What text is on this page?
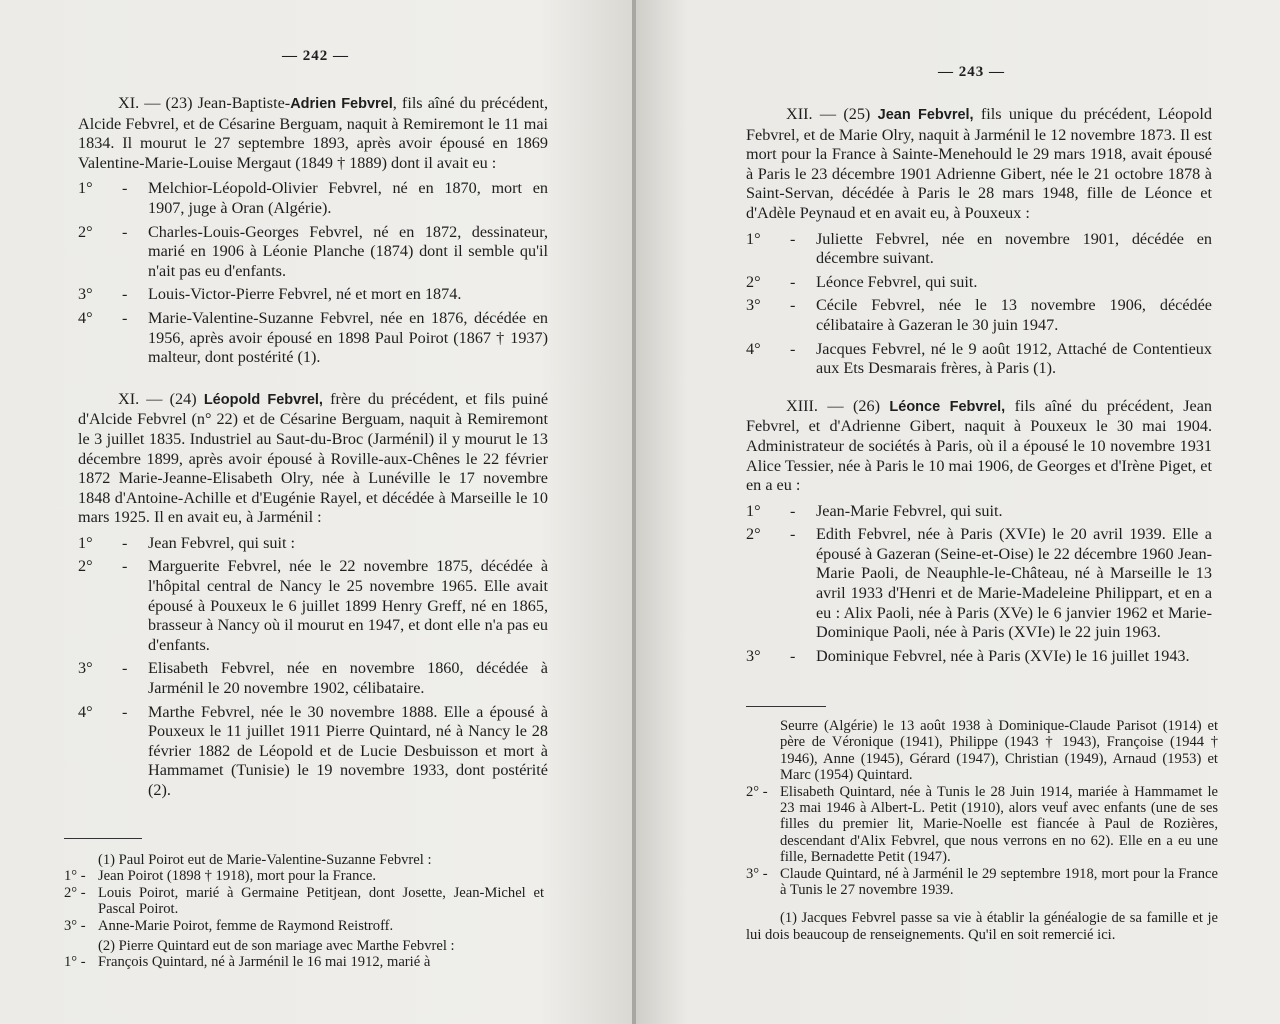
— 242 —

XI. — (23) Jean-Baptiste-Adrien Febvrel, fils aîné du précédent, Alcide Febvrel, et de Césarine Berguam, naquit à Remiremont le 11 mai 1834. Il mourut le 27 septembre 1893, après avoir épousé en 1869 Valentine-Marie-Louise Mergaut (1849 † 1889) dont il avait eu :

1°	- Melchior-Léopold-Olivier Febvrel, né en 1870, mort en 1907, juge à Oran (Algérie).
2°	- Charles-Louis-Georges Febvrel, né en 1872, dessinateur, marié en 1906 à Léonie Planche (1874) dont il semble qu'il n'ait pas eu d'enfants.
3°	- Louis-Victor-Pierre Febvrel, né et mort en 1874.
4°	- Marie-Valentine-Suzanne Febvrel, née en 1876, décédée en 1956, après avoir épousé en 1898 Paul Poirot (1867 † 1937) malteur, dont postérité (1).

XI. — (24) Léopold Febvrel, frère du précédent, et fils puiné d'Alcide Febvrel (n° 22) et de Césarine Berguam, naquit à Remiremont le 3 juillet 1835. Industriel au Saut-du-Broc (Jarménil) il y mourut le 13 décembre 1899, après avoir épousé à Roville-aux-Chênes le 22 février 1872 Marie-Jeanne-Elisabeth Olry, née à Lunéville le 17 novembre 1848 d'Antoine-Achille et d'Eugénie Rayel, et décédée à Marseille le 10 mars 1925. Il en avait eu, à Jarménil :

1°	- Jean Febvrel, qui suit :
2°	- Marguerite Febvrel, née le 22 novembre 1875, décédée à l'hôpital central de Nancy le 25 novembre 1965. Elle avait épousé à Pouxeux le 6 juillet 1899 Henry Greff, né en 1865, brasseur à Nancy où il mourut en 1947, et dont elle n'a pas eu d'enfants.
3°	- Elisabeth Febvrel, née en novembre 1860, décédée à Jarménil le 20 novembre 1902, célibataire.
4°	- Marthe Febvrel, née le 30 novembre 1888. Elle a épousé à Pouxeux le 11 juillet 1911 Pierre Quintard, né à Nancy le 28 février 1882 de Léopold et de Lucie Desbuisson et mort à Hammamet (Tunisie) le 19 novembre 1933, dont postérité (2).
(1) Paul Poirot eut de Marie-Valentine-Suzanne Febvrel :
1° - Jean Poirot (1898 † 1918), mort pour la France.
2° - Louis Poirot, marié à Germaine Petitjean, dont Josette, Jean-Michel et Pascal Poirot.
3° - Anne-Marie Poirot, femme de Raymond Reistroff.
(2) Pierre Quintard eut de son mariage avec Marthe Febvrel :
1° - François Quintard, né à Jarménil le 16 mai 1912, marié à
— 243 —

XII. — (25) Jean Febvrel, fils unique du précédent, Léopold Febvrel, et de Marie Olry, naquit à Jarménil le 12 novembre 1873. Il est mort pour la France à Sainte-Menehould le 29 mars 1918, avait épousé à Paris le 23 décembre 1901 Adrienne Gibert, née le 21 octobre 1878 à Saint-Servan, décédée à Paris le 28 mars 1948, fille de Léonce et d'Adèle Peynaud et en avait eu, à Pouxeux :

1°	- Juliette Febvrel, née en novembre 1901, décédée en décembre suivant.
2°	- Léonce Febvrel, qui suit.
3°	- Cécile Febvrel, née le 13 novembre 1906, décédée célibataire à Gazeran le 30 juin 1947.
4°	- Jacques Febvrel, né le 9 août 1912, Attaché de Contentieux aux Ets Desmarais frères, à Paris (1).

XIII. — (26) Léonce Febvrel, fils aîné du précédent, Jean Febvrel, et d'Adrienne Gibert, naquit à Pouxeux le 30 mai 1904. Administrateur de sociétés à Paris, où il a épousé le 10 novembre 1931 Alice Tessier, née à Paris le 10 mai 1906, de Georges et d'Irène Piget, et en a eu :

1°	- Jean-Marie Febvrel, qui suit.
2°	- Edith Febvrel, née à Paris (XVIe) le 20 avril 1939. Elle a épousé à Gazeran (Seine-et-Oise) le 22 décembre 1960 Jean-Marie Paoli, de Neauphle-le-Château, né à Marseille le 13 avril 1933 d'Henri et de Marie-Madeleine Philippart, et en a eu : Alix Paoli, née à Paris (XVe) le 6 janvier 1962 et Marie-Dominique Paoli, née à Paris (XVIe) le 22 juin 1963.
3°	- Dominique Febvrel, née à Paris (XVIe) le 16 juillet 1943.
Seurre (Algérie) le 13 août 1938 à Dominique-Claude Parisot (1914) et père de Véronique (1941), Philippe (1943 † 1943), Françoise (1944 † 1946), Anne (1945), Gérard (1947), Christian (1949), Arnaud (1953) et Marc (1954) Quintard.
2° - Elisabeth Quintard, née à Tunis le 28 Juin 1914, mariée à Hammamet le 23 mai 1946 à Albert-L. Petit (1910), alors veuf avec enfants (une de ses filles du premier lit, Marie-Noelle est fiancée à Paul de Rozières, descendant d'Alix Febvrel, que nous verrons en nο 62). Elle en a eu une fille, Bernadette Petit (1947).
3° - Claude Quintard, né à Jarménil le 29 septembre 1918, mort pour la France à Tunis le 27 novembre 1939.
(1) Jacques Febvrel passe sa vie à établir la généalogie de sa famille et je lui dois beaucoup de renseignements. Qu'il en soit remercié ici.
